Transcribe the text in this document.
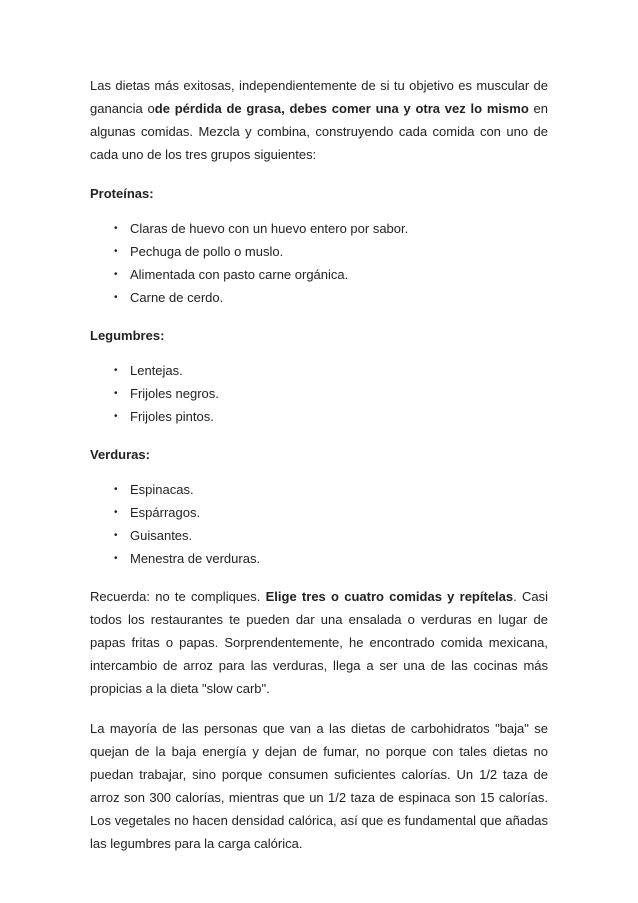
Las dietas más exitosas, independientemente de si tu objetivo es muscular de ganancia ode pérdida de grasa, debes comer una y otra vez lo mismo en algunas comidas. Mezcla y combina, construyendo cada comida con uno de cada uno de los tres grupos siguientes:

Proteínas:
• Claras de huevo con un huevo entero por sabor.
• Pechuga de pollo o muslo.
• Alimentada con pasto carne orgánica.
• Carne de cerdo.
Legumbres:
• Lentejas.
• Frijoles negros.
• Frijoles pintos.
Verduras:
• Espinacas.
• Espárragos.
• Guisantes.
• Menestra de verduras.

Recuerda: no te compliques. Elige tres o cuatro comidas y repítelas. Casi todos los restaurantes te pueden dar una ensalada o verduras en lugar de papas fritas o papas. Sorprendentemente, he encontrado comida mexicana, intercambio de arroz para las verduras, llega a ser una de las cocinas más propicias a la dieta "slow carb".

La mayoría de las personas que van a las dietas de carbohidratos "baja" se quejan de la baja energía y dejan de fumar, no porque con tales dietas no puedan trabajar, sino porque consumen suficientes calorías. Un 1/2 taza de arroz son 300 calorías, mientras que un 1/2 taza de espinaca son 15 calorías. Los vegetales no hacen densidad calórica, así que es fundamental que añadas las legumbres para la carga calórica.
